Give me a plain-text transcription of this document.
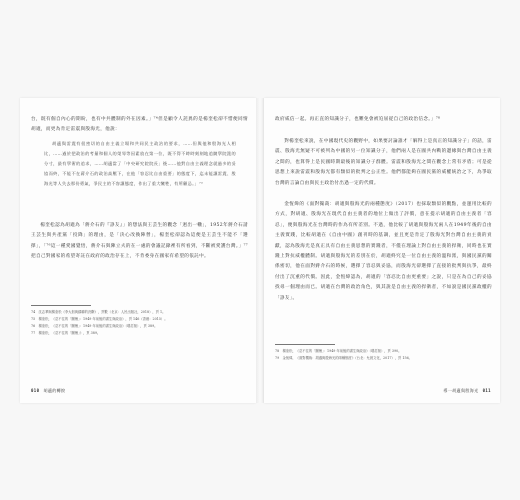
台，既有個自內心的期盼，也有中共體制的外在因素。」⁷⁴但是顧令人詫異的是楊奎松卻不惜便同情胡適，而更為肯定雷震與殷海光，他說：

胡適與雷震有很密切的自由主義立場和共同民主政治的要求，……但與他和殷海光人相比，……過於把政治的考量和個人的榮辱等因素放在第一位，既不得不時時刻刻地追隨學院派的分寸，最有學術的追求，……胡適當了「中央研究院院長」後……他對自由主義理念就過多的妥協而終，不能不在蔣介石的政治高壓下，在他「容忍比自由重要」的態度下，迄未能讓雷震、殷海光等人失去那份勇氣，爭民主的不容讓態度，作出了重大犧牲，有所顧忌。」⁷⁵

楊奎松認為胡適為「蔣介石的『諍友』」的想法與王芸生的觀念「迥出一轍」，1952年蔣介石請王芸生與共產黨「投降」的理由，是「決心改換陣營」，楊奎松卻認為這便是王芸生不能不「選擇」，「⁷⁶這一種愛國覺悟，蔣介石與陳立夫的在一處的會議記錄裡有所看到，不斷被愛護台灣。」⁷⁷把自己對國家的希望寄託在政府的政治存在上，不肯委身在國家有希望的依託中。

74　沈志華與楊奎松《李大釗與蘇聯的決斷》，頁數（北京：人民出版社，2018），頁 1。

75　楊奎松，《忍不住的「關懷」：1949 年前後的書生與政治》，頁 146（香港：2015）。

76　楊奎松，《忍不住的「關懷」：1949 年前後的書生與政治》（增訂版），頁 389。

77　楊奎松，《忍不住的「關懷」》，頁 389。

010 胡適的轉捩

政府威信一起。再正直的知識分子，也難免會被迫屈從自己的政治信念。」⁷⁸

對楊奎松來說，在中國現代史的觀野中，如果要討論誰才「解得上是真正的知識分子」的話，雷震、殷海光無疑不可被列為中國的另一位知識分子，他們兩人是在國共內戰的邊緣與台灣自由主義之間的，也算得上是民國時期最後的知識分子群體。雷震和殷海光之間在觀念上常有矛盾；可是從思想上來說雷震和殷海光都有類似的批判之公正性。他們都能夠在國民黨的威權統治之下，為爭取台灣的言論自由與民主政治付出過一定的代價。

金恆煒的《面對獨裁：胡適與殷海光的兩種態度》（2017）也採取類似的觀點，並運用比較的方式，對胡適、殷海光在現代自由主義者的地位上做出了評價，意在提示胡適的自由主義者「容忍」，便與殷海光在台灣時的作為有所差別。不過，他比較了胡適與殷海光兩人在1949年後的自由主義實踐，比較胡適在《自由中國》創刊時的基調，並且更是肯定了殷海光對台灣自由主義的貢獻，認為殷海光是真正具有自由主義思想的實踐者，不僅在理論上對自由主義的捍衛，同時也在實踐上對抗威權體制。胡適與殷海光的差別在於，胡適終究是一位自由主義的溫和派，與國民黨的關係密切，他在面對蔣介石的時候，選擇了容忍與妥協，而殷海光卻選擇了直接的批判與抗爭，最終付出了沉重的代價。因此，金恆煒認為，胡適的「容忍比自由更重要」之說，只是在為自己的妥協找尋一個理由而已。胡適在台灣的政治角色，與其說是自由主義的捍衛者，不如說是國民黨政權的「諍友」。

78　楊奎松，《忍不住的「關懷」：1949 年前後的書生與政治》（增訂版），頁 390。

79　金恆煒，《面對獨裁：胡適與殷海光的兩種態度》（台北：允晨文化，2017），頁 156。

導一胡適與殷海光 011
